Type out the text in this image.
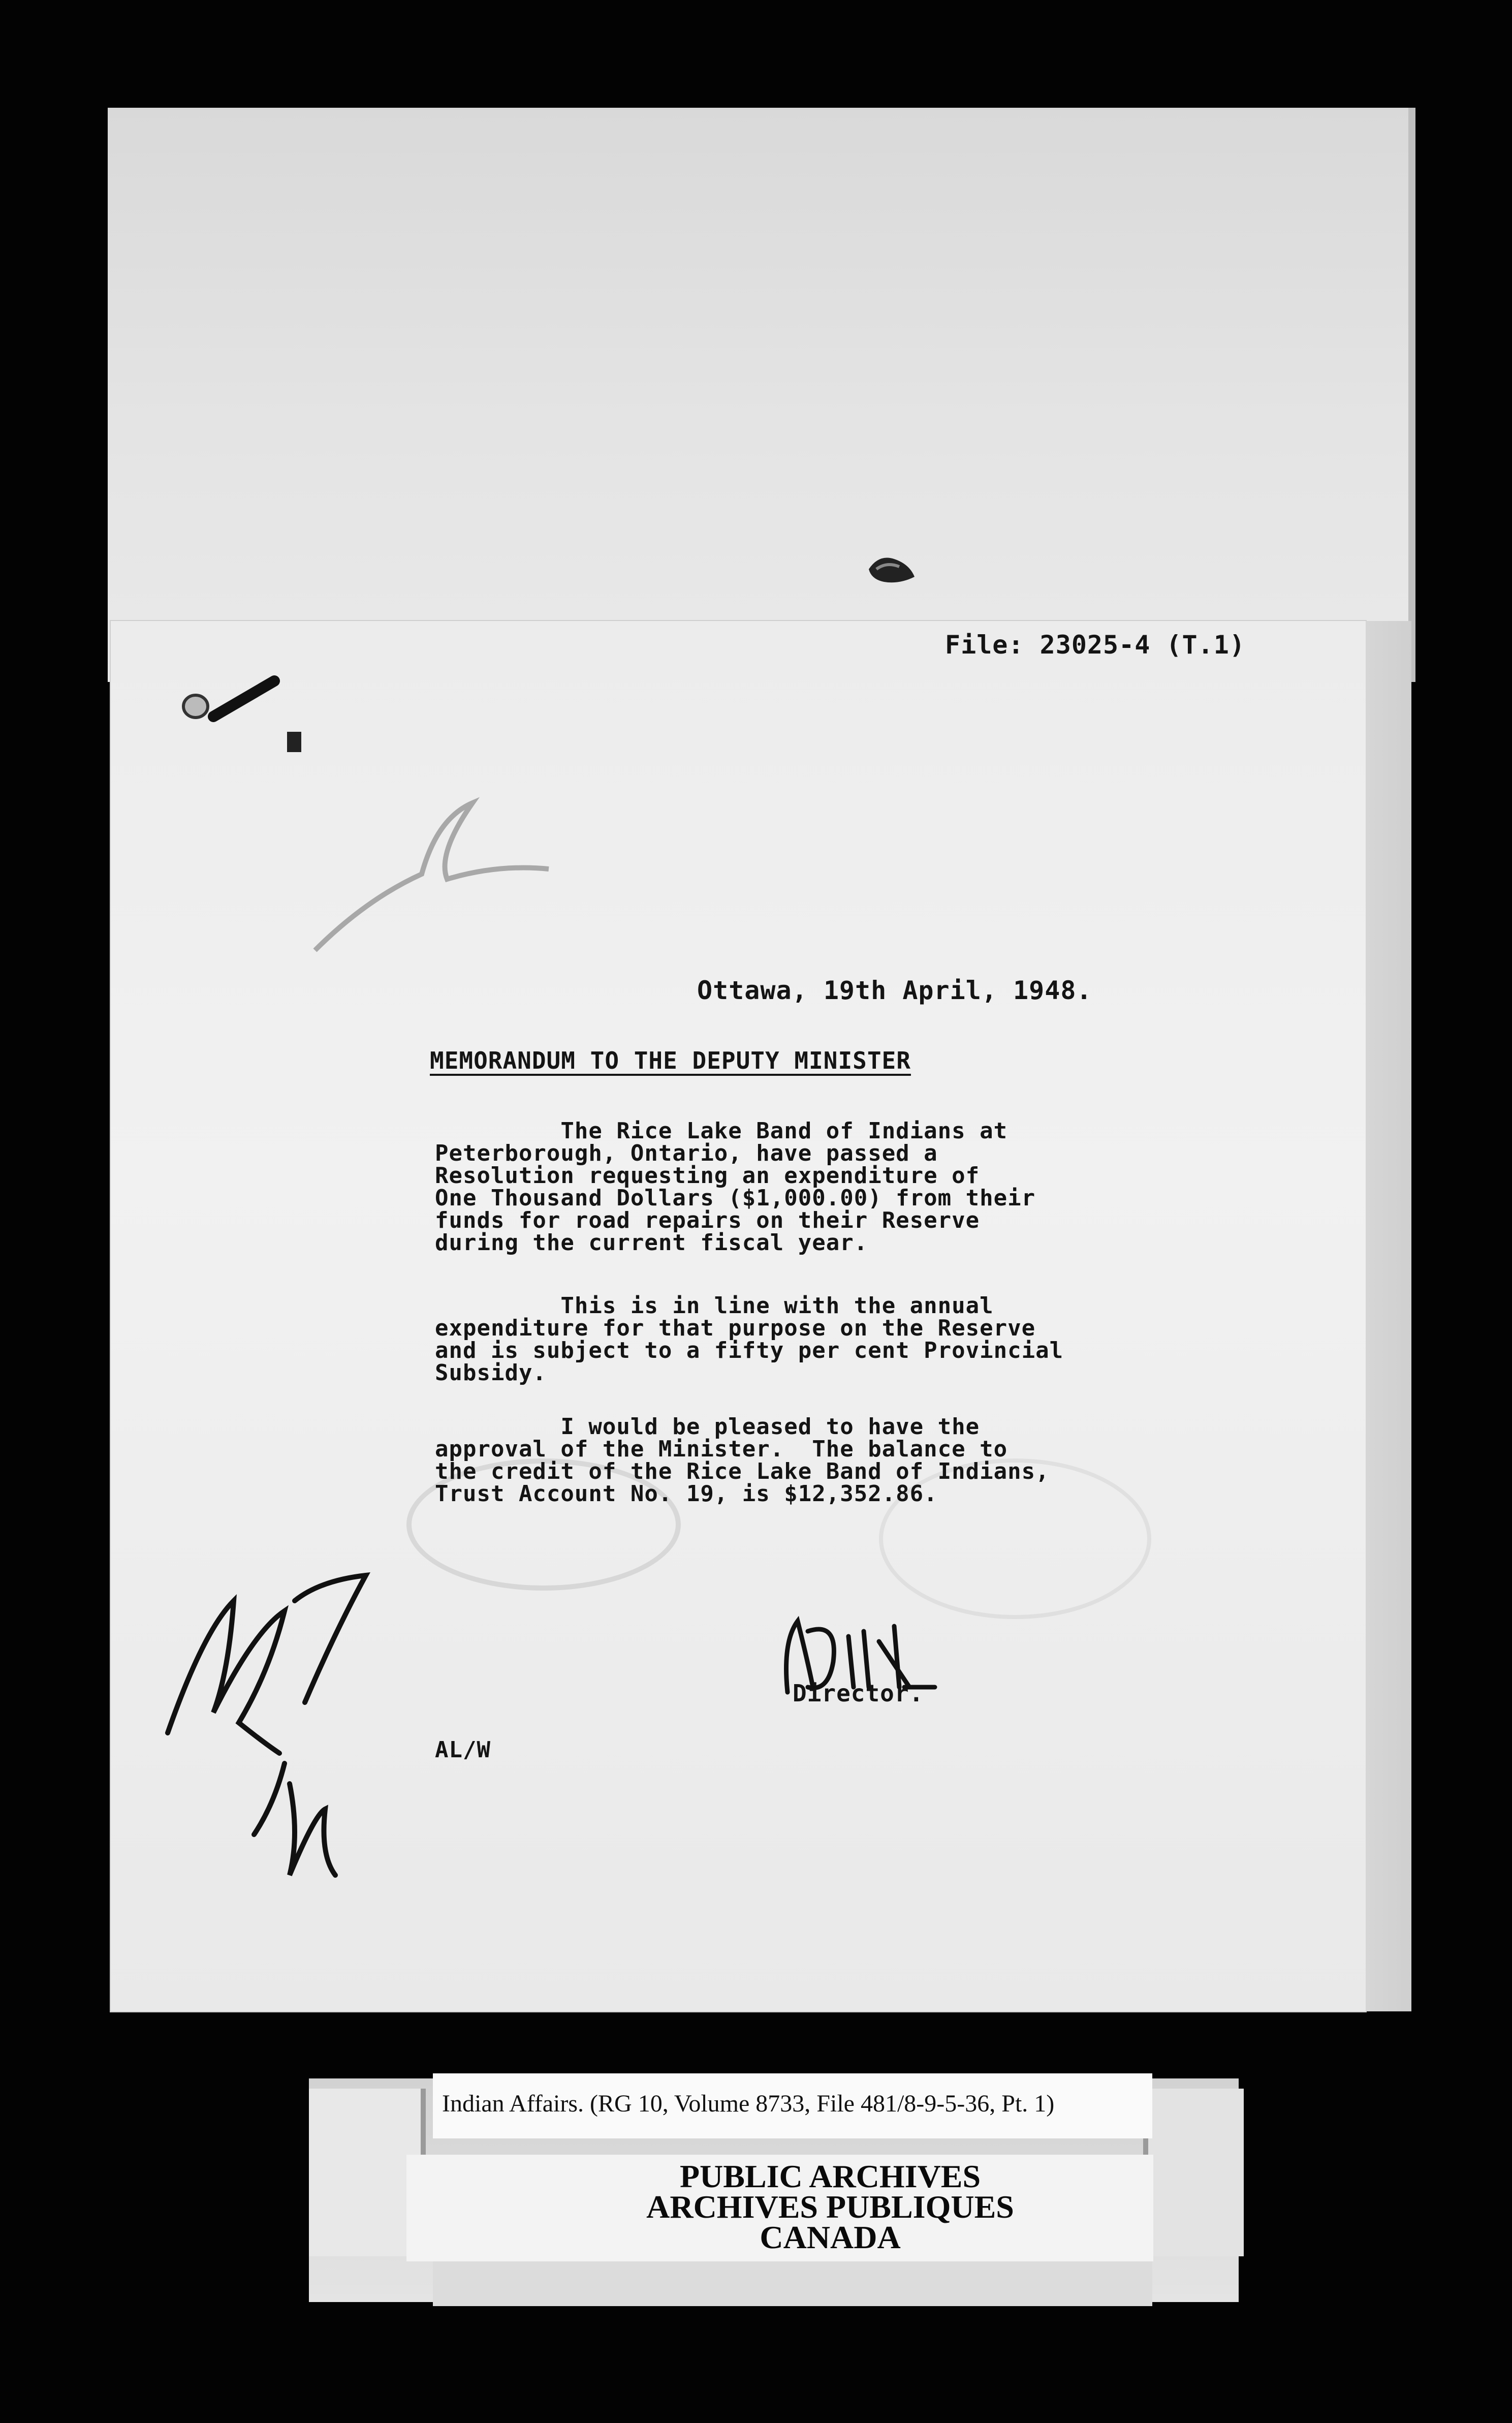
File: 23025-4 (T.1)
Ottawa, 19th April, 1948.
MEMORANDUM TO THE DEPUTY MINISTER
The Rice Lake Band of Indians at
Peterborough, Ontario, have passed a
Resolution requesting an expenditure of
One Thousand Dollars ($1,000.00) from their
funds for road repairs on their Reserve
during the current fiscal year.
This is in line with the annual
expenditure for that purpose on the Reserve
and is subject to a fifty per cent Provincial
Subsidy.
I would be pleased to have the
approval of the Minister.  The balance to
the credit of the Rice Lake Band of Indians,
Trust Account No. 19, is $12,352.86.
Director.
AL/W
Indian Affairs. (RG 10, Volume 8733, File 481/8-9-5-36, Pt. 1)
PUBLIC ARCHIVES
ARCHIVES PUBLIQUES
CANADA
